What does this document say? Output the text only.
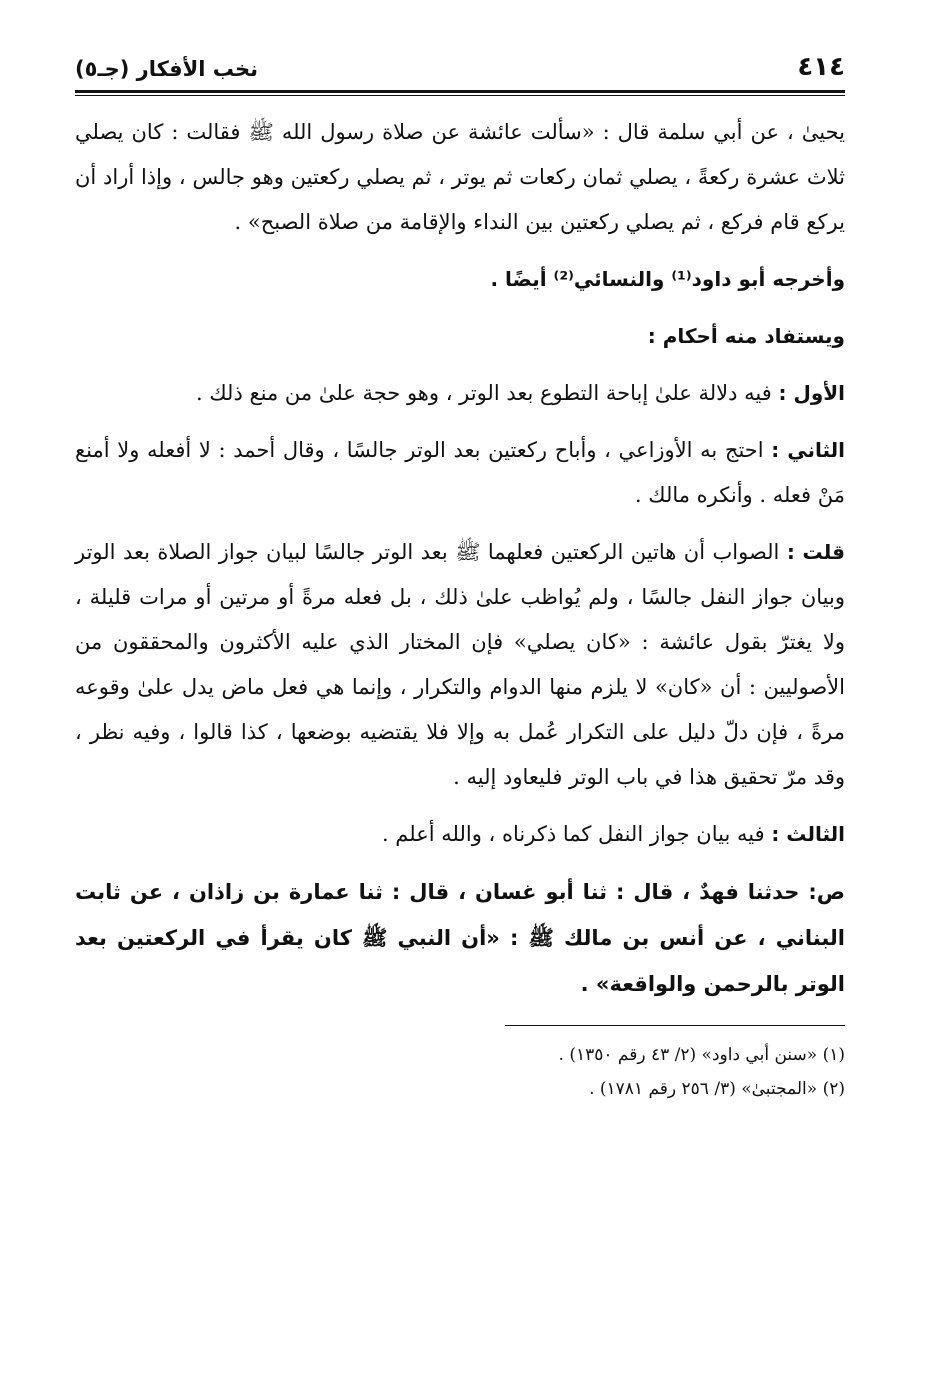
٤١٤
نخب الأفكار (جـ٥)

يحيىٰ ، عن أبي سلمة قال : «سألت عائشة عن صلاة رسول الله ﷺ فقالت : كان يصلي ثلاث عشرة ركعةً ، يصلي ثمان ركعات ثم يوتر ، ثم يصلي ركعتين وهو جالس ، وإذا أراد أن يركع قام فركع ، ثم يصلي ركعتين بين النداء والإقامة من صلاة الصبح» .

وأخرجه أبو داود⁽¹⁾ والنسائي⁽²⁾ أيضًا .

ويستفاد منه أحكام :

الأول : فيه دلالة علىٰ إباحة التطوع بعد الوتر ، وهو حجة علىٰ من منع ذلك .

الثاني : احتج به الأوزاعي ، وأباح ركعتين بعد الوتر جالسًا ، وقال أحمد : لا أفعله ولا أمنع مَنْ فعله . وأنكره مالك .

قلت : الصواب أن هاتين الركعتين فعلهما ﷺ بعد الوتر جالسًا لبيان جواز الصلاة بعد الوتر وبيان جواز النفل جالسًا ، ولم يُواظب علىٰ ذلك ، بل فعله مرةً أو مرتين أو مرات قليلة ، ولا يغترّ بقول عائشة : «كان يصلي» فإن المختار الذي عليه الأكثرون والمحققون من الأصوليين : أن «كان» لا يلزم منها الدوام والتكرار ، وإنما هي فعل ماض يدل علىٰ وقوعه مرةً ، فإن دلّ دليل على التكرار عُمل به وإلا فلا يقتضيه بوضعها ، كذا قالوا ، وفيه نظر ، وقد مرّ تحقيق هذا في باب الوتر فليعاود إليه .

الثالث : فيه بيان جواز النفل كما ذكرناه ، والله أعلم .

ص: حدثنا فهدٌ ، قال : ثنا أبو غسان ، قال : ثنا عمارة بن زاذان ، عن ثابت البناني ، عن أنس بن مالك ﷺ : «أن النبي ﷺ كان يقرأ في الركعتين بعد الوتر بالرحمن والواقعة» .

(١) «سنن أبي داود» (٢/ ٤٣ رقم ١٣٥٠) .

(٢) «المجتبىٰ» (٣/ ٢٥٦ رقم ١٧٨١) .
